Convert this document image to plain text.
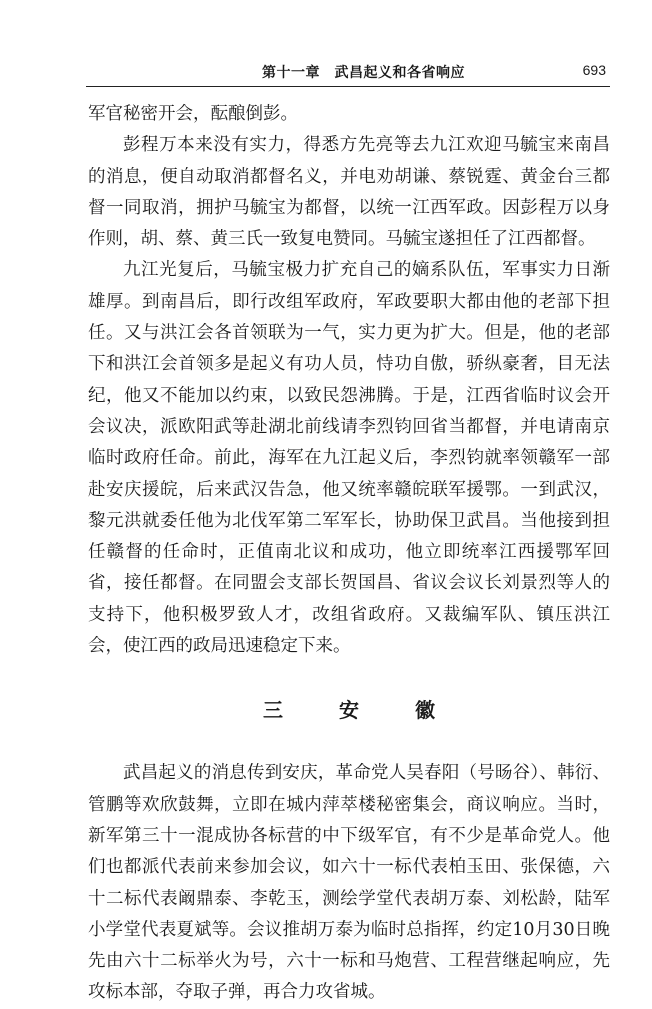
第十一章　武昌起义和各省响应	693

军官秘密开会，酝酿倒彭。

彭程万本来没有实力，得悉方先亮等去九江欢迎马毓宝来南昌的消息，便自动取消都督名义，并电劝胡谦、蔡锐霆、黄金台三都督一同取消，拥护马毓宝为都督，以统一江西军政。因彭程万以身作则，胡、蔡、黄三氏一致复电赞同。马毓宝遂担任了江西都督。

九江光复后，马毓宝极力扩充自己的嫡系队伍，军事实力日渐雄厚。到南昌后，即行改组军政府，军政要职大都由他的老部下担任。又与洪江会各首领联为一气，实力更为扩大。但是，他的老部下和洪江会首领多是起义有功人员，恃功自傲，骄纵豪奢，目无法纪，他又不能加以约束，以致民怨沸腾。于是，江西省临时议会开会议决，派欧阳武等赴湖北前线请李烈钧回省当都督，并电请南京临时政府任命。前此，海军在九江起义后，李烈钧就率领赣军一部赴安庆援皖，后来武汉告急，他又统率赣皖联军援鄂。一到武汉，黎元洪就委任他为北伐军第二军军长，协助保卫武昌。当他接到担任赣督的任命时，正值南北议和成功，他立即统率江西援鄂军回省，接任都督。在同盟会支部长贺国昌、省议会议长刘景烈等人的支持下，他积极罗致人才，改组省政府。又裁编军队、镇压洪江会，使江西的政局迅速稳定下来。

三　安　徽

武昌起义的消息传到安庆，革命党人吴春阳（号旸谷）、韩衍、管鹏等欢欣鼓舞，立即在城内萍萃楼秘密集会，商议响应。当时，新军第三十一混成协各标营的中下级军官，有不少是革命党人。他们也都派代表前来参加会议，如六十一标代表柏玉田、张保德，六十二标代表阚鼎泰、李乾玉，测绘学堂代表胡万泰、刘松龄，陆军小学堂代表夏斌等。会议推胡万泰为临时总指挥，约定10月30日晚先由六十二标举火为号，六十一标和马炮营、工程营继起响应，先攻标本部，夺取子弹，再合力攻省城。
